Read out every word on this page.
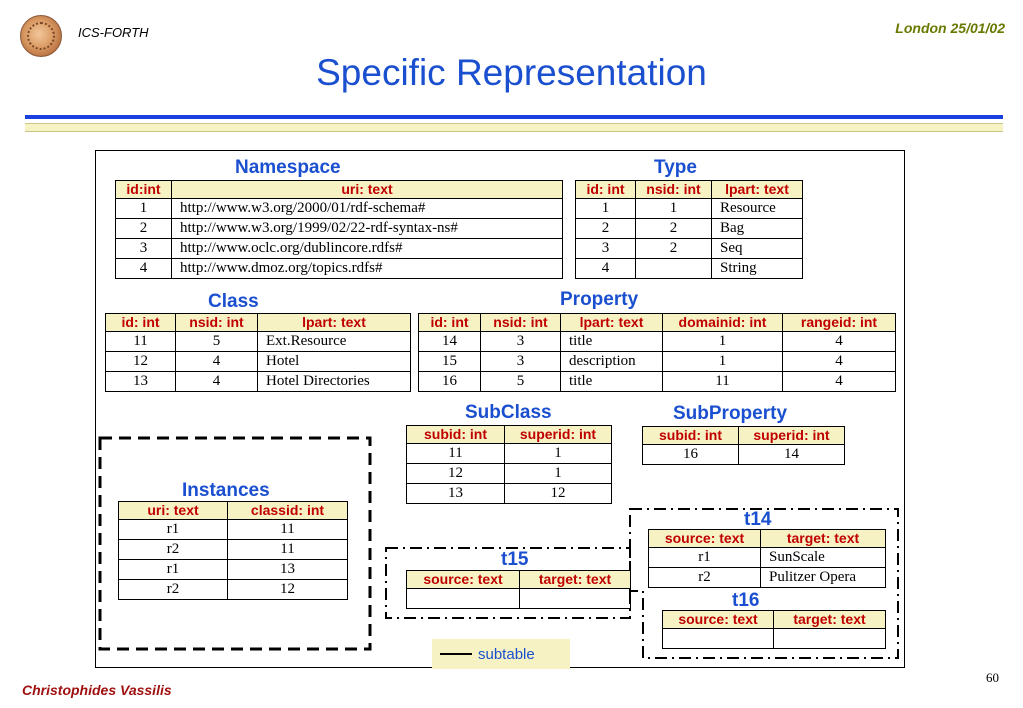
ICS-FORTH	London 25/01/02
Specific Representation
Namespace	Type
Class	Property
SubClass	SubProperty
Instances
t14
t15
t16
id:int	uri: text
1	http://www.w3.org/2000/01/rdf-schema#
2	http://www.w3.org/1999/02/22-rdf-syntax-ns#
3	http://www.oclc.org/dublincore.rdfs#
4	http://www.dmoz.org/topics.rdfs#
id: int	nsid: int	lpart: text
1	1	Resource
2	2	Bag
3	2	Seq
4		String
id: int	nsid: int	lpart: text
11	5	Ext.Resource
12	4	Hotel
13	4	Hotel Directories
id: int	nsid: int	lpart: text	domainid: int	rangeid: int
14	3	title	1	4
15	3	description	1	4
16	5	title	11	4
subid: int	superid: int
11	1
12	1
13	12
subid: int	superid: int
16	14
uri: text	classid: int
r1	11
r2	11
r1	13
r2	12
source: text	target: text
r1	SunScale
r2	Pulitzer Opera
source: text	target: text

source: text	target: text

subtable
Christophides Vassilis
60
